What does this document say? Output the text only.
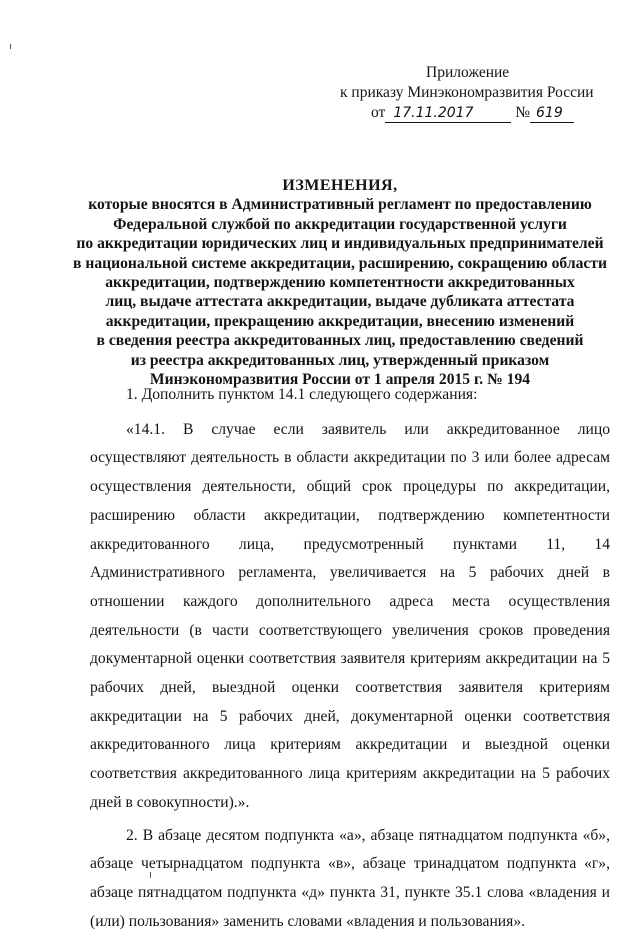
Приложение
к приказу Минэкономразвития России
от 17.11.2017	№ 619
ИЗМЕНЕНИЯ,
которые вносятся в Административный регламент по предоставлению
Федеральной службой по аккредитации государственной услуги
по аккредитации юридических лиц и индивидуальных предпринимателей
в национальной системе аккредитации, расширению, сокращению области
аккредитации, подтверждению компетентности аккредитованных
лиц, выдаче аттестата аккредитации, выдаче дубликата аттестата
аккредитации, прекращению аккредитации, внесению изменений
в сведения реестра аккредитованных лиц, предоставлению сведений
из реестра аккредитованных лиц, утвержденный приказом
Минэкономразвития России от 1 апреля 2015 г. № 194

1. Дополнить пунктом 14.1 следующего содержания:

«14.1. В случае если заявитель или аккредитованное лицо осуществляют деятельность в области аккредитации по 3 или более адресам осуществления деятельности, общий срок процедуры по аккредитации, расширению области аккредитации, подтверждению компетентности аккредитованного лица, предусмотренный пунктами 11, 14 Административного регламента, увеличивается на 5 рабочих дней в отношении каждого дополнительного адреса места осуществления деятельности (в части соответствующего увеличения сроков проведения документарной оценки соответствия заявителя критериям аккредитации на 5 рабочих дней, выездной оценки соответствия заявителя критериям аккредитации на 5 рабочих дней, документарной оценки соответствия аккредитованного лица критериям аккредитации и выездной оценки соответствия аккредитованного лица критериям аккредитации на 5 рабочих дней в совокупности).».

2. В абзаце десятом подпункта «а», абзаце пятнадцатом подпункта «б», абзаце четырнадцатом подпункта «в», абзаце тринадцатом подпункта «г», абзаце пятнадцатом подпункта «д» пункта 31, пункте 35.1 слова «владения и (или) пользования» заменить словами «владения и пользования».
